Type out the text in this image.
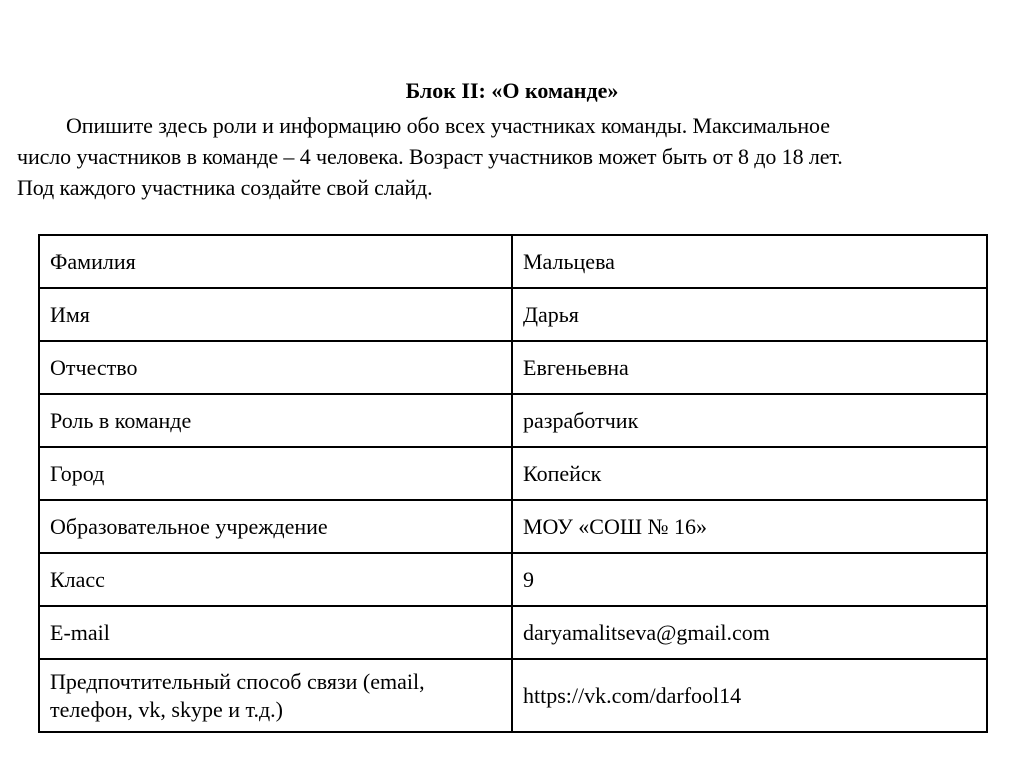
Блок II: «О команде»

Опишите здесь роли и информацию обо всех участниках команды. Максимальное
число участников в команде – 4 человека. Возраст участников может быть от 8 до 18 лет.
Под каждого участника создайте свой слайд.

Фамилия	Мальцева
Имя	Дарья
Отчество	Евгеньевна
Роль в команде	разработчик
Город	Копейск
Образовательное учреждение	МОУ «СОШ № 16»
Класс	9
E-mail	daryamalitseva@gmail.com
Предпочтительный способ связи (email, телефон, vk, skype и т.д.)	https://vk.com/darfool14
